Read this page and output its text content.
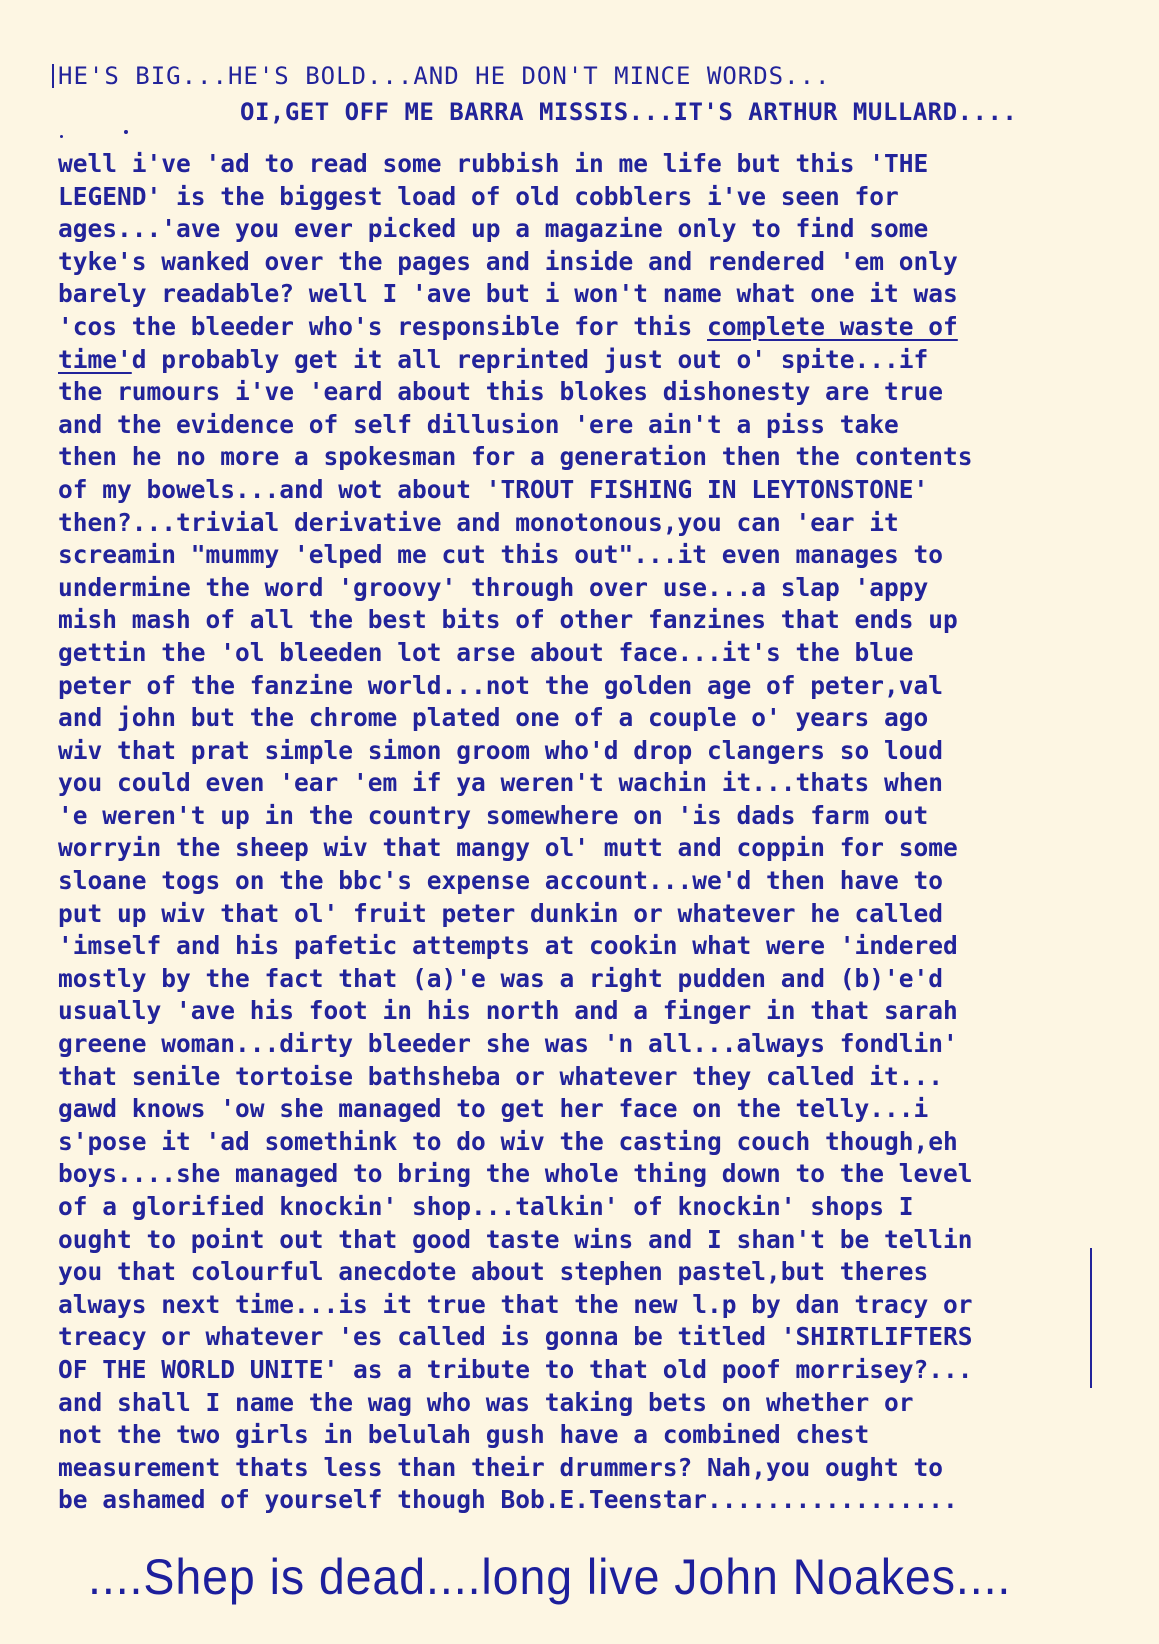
HE'S BIG...HE'S BOLD...AND HE DON'T MINCE WORDS...
OI,GET OFF ME BARRA MISSIS...IT'S ARTHUR MULLARD....
well i've 'ad to read some rubbish in me life but this 'THE
LEGEND' is the biggest load of old cobblers i've seen for
ages...'ave you ever picked up a magazine only to find some
tyke's wanked over the pages and inside and rendered 'em only
barely readable? well I 'ave but i won't name what one it was
'cos the bleeder who's responsible for this complete waste of
time'd probably get it all reprinted just out o' spite...if
the rumours i've 'eard about this blokes dishonesty are true
and the evidence of self dillusion 'ere ain't a piss take
then he no more a spokesman for a generation then the contents
of my bowels...and wot about 'TROUT FISHING IN LEYTONSTONE'
then?...trivial derivative and monotonous,you can 'ear it
screamin "mummy 'elped me cut this out"...it even manages to
undermine the word 'groovy' through over use...a slap 'appy
mish mash of all the best bits of other fanzines that ends up
gettin the 'ol bleeden lot arse about face...it's the blue
peter of the fanzine world...not the golden age of peter,val
and john but the chrome plated one of a couple o' years ago
wiv that prat simple simon groom who'd drop clangers so loud
you could even 'ear 'em if ya weren't wachin it...thats when
'e weren't up in the country somewhere on 'is dads farm out
worryin the sheep wiv that mangy ol' mutt and coppin for some
sloane togs on the bbc's expense account...we'd then have to
put up wiv that ol' fruit peter dunkin or whatever he called
'imself and his pafetic attempts at cookin what were 'indered
mostly by the fact that (a)'e was a right pudden and (b)'e'd
usually 'ave his foot in his north and a finger in that sarah
greene woman...dirty bleeder she was 'n all...always fondlin'
that senile tortoise bathsheba or whatever they called it...
gawd knows 'ow she managed to get her face on the telly...i
s'pose it 'ad somethink to do wiv the casting couch though,eh
boys....she managed to bring the whole thing down to the level
of a glorified knockin' shop...talkin' of knockin' shops I
ought to point out that good taste wins and I shan't be tellin
you that colourful anecdote about stephen pastel,but theres
always next time...is it true that the new l.p by dan tracy or
treacy or whatever 'es called is gonna be titled 'SHIRTLIFTERS
OF THE WORLD UNITE' as a tribute to that old poof morrisey?...
and shall I name the wag who was taking bets on whether or
not the two girls in belulah gush have a combined chest
measurement thats less than their drummers? Nah,you ought to
be ashamed of yourself though Bob.E.Teenstar.................
....Shep is dead....long live John Noakes....
